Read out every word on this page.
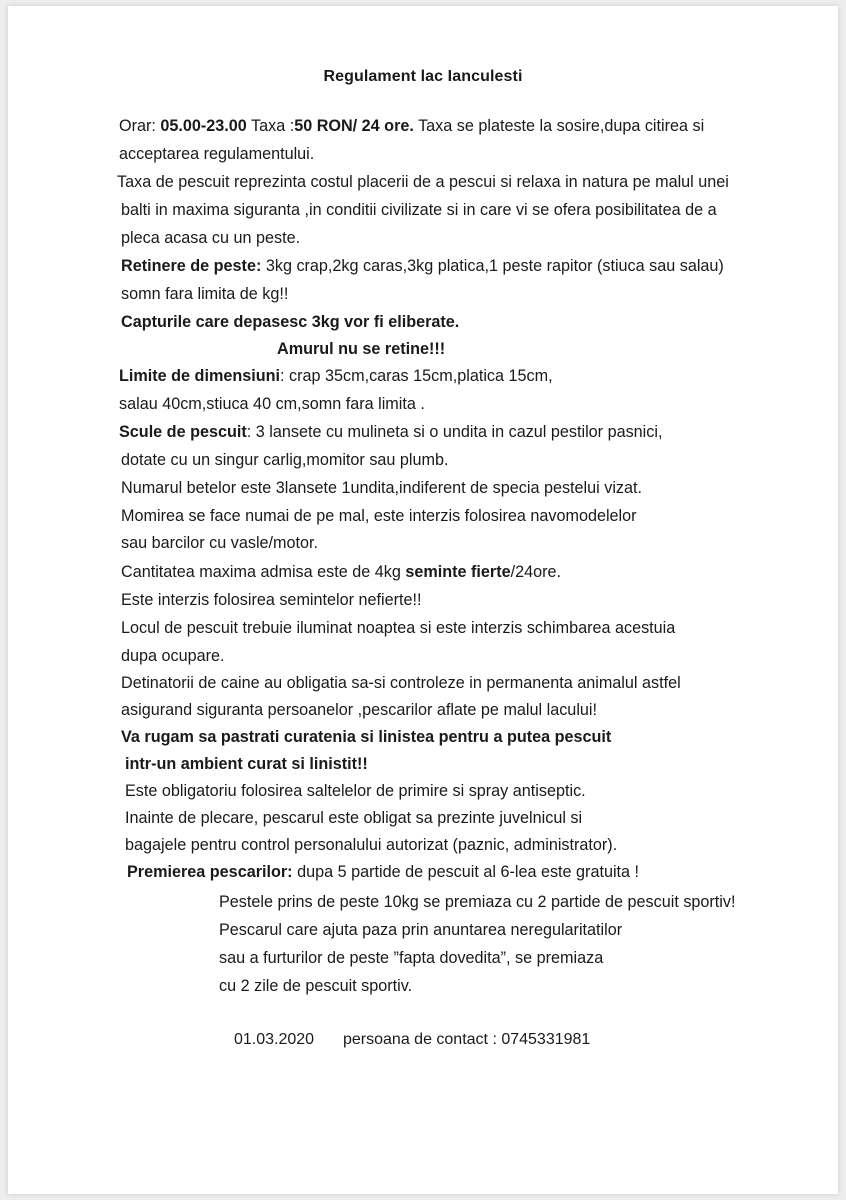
Regulament lac Ianculesti
Orar: 05.00-23.00 Taxa :50 RON/ 24 ore. Taxa se plateste la sosire,dupa citirea si
acceptarea regulamentului.
Taxa de pescuit reprezinta costul placerii de a pescui si relaxa in natura pe malul unei
balti in maxima siguranta ,in conditii civilizate si in care vi se ofera posibilitatea de a
pleca acasa cu un peste.
Retinere de peste: 3kg crap,2kg caras,3kg platica,1 peste rapitor (stiuca sau salau)
somn fara limita de kg!!
Capturile care depasesc 3kg vor fi eliberate.
Amurul nu se retine!!!
Limite de dimensiuni: crap 35cm,caras 15cm,platica 15cm,
salau 40cm,stiuca 40 cm,somn fara limita .
Scule de pescuit: 3 lansete cu mulineta si o undita in cazul pestilor pasnici,
dotate cu un singur carlig,momitor sau plumb.
Numarul betelor este 3lansete 1undita,indiferent de specia pestelui vizat.
Momirea se face numai de pe mal, este interzis folosirea navomodelelor
sau barcilor cu vasle/motor.
Cantitatea maxima admisa este de 4kg seminte fierte/24ore.
Este interzis folosirea semintelor nefierte!!
Locul de pescuit trebuie iluminat noaptea si este interzis schimbarea acestuia
dupa ocupare.
Detinatorii de caine au obligatia sa-si controleze in permanenta animalul astfel
asigurand siguranta persoanelor ,pescarilor aflate pe malul lacului!
Va rugam sa pastrati curatenia si linistea pentru a putea pescuit
intr-un ambient curat si linistit!!
Este obligatoriu folosirea saltelelor de primire si spray antiseptic.
Inainte de plecare, pescarul este obligat sa prezinte juvelnicul si
bagajele pentru control personalului autorizat (paznic, administrator).
Premierea pescarilor: dupa 5 partide de pescuit al 6-lea este gratuita !
Pestele prins de peste 10kg se premiaza cu 2 partide de pescuit sportiv!
Pescarul care ajuta paza prin anuntarea neregularitatilor
sau a furturilor de peste ”fapta dovedita”, se premiaza
cu 2 zile de pescuit sportiv.
01.03.2020 persoana de contact : 0745331981
